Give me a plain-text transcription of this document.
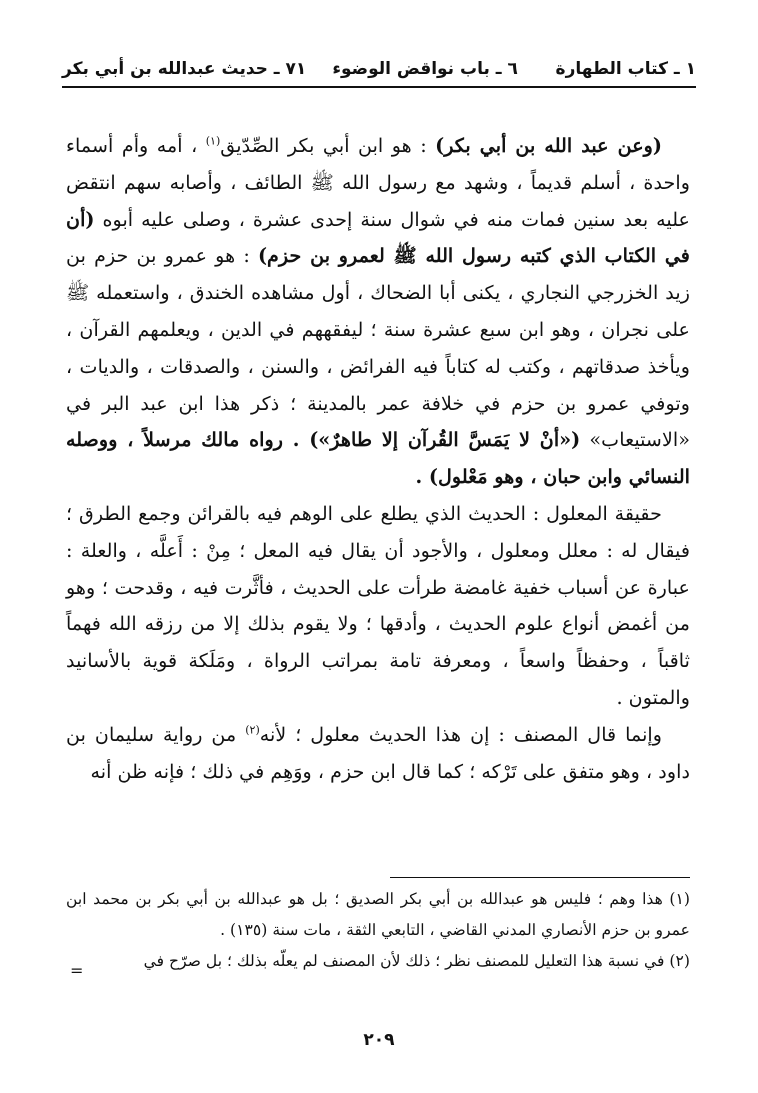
١ ـ كتاب الطهارة
٦ ـ باب نواقض الوضوء
٧١ ـ حديث عبدالله بن أبي بكر

(وعن عبد الله بن أبي بكر) : هو ابن أبي بكر الصِّدّيق$^{(١)}$ ، أمه وأم أسماء واحدة ، أسلم قديماً ، وشهد مع رسول الله ﷺ الطائف ، وأصابه سهم انتقض عليه بعد سنين فمات منه في شوال سنة إحدى عشرة ، وصلى عليه أبوه (أن في الكتاب الذي كتبه رسول الله ﷺ لعمرو بن حزم) : هو عمرو بن حزم بن زيد الخزرجي النجاري ، يكنى أبا الضحاك ، أول مشاهده الخندق ، واستعمله ﷺ على نجران ، وهو ابن سبع عشرة سنة ؛ ليفقههم في الدين ، ويعلمهم القرآن ، ويأخذ صدقاتهم ، وكتب له كتاباً فيه الفرائض ، والسنن ، والصدقات ، والديات ، وتوفي عمرو بن حزم في خلافة عمر بالمدينة ؛ ذكر هذا ابن عبد البر في «الاستيعاب» («أنْ لا يَمَسَّ القُرآن إلا طاهرٌ») . رواه مالك مرسلاً ، ووصله النسائي وابن حبان ، وهو مَعْلول) .

حقيقة المعلول : الحديث الذي يطلع على الوهم فيه بالقرائن وجمع الطرق ؛ فيقال له : معلل ومعلول ، والأجود أن يقال فيه المعل ؛ مِنْ : أَعلَّه ، والعلة : عبارة عن أسباب خفية غامضة طرأت على الحديث ، فأثَّرت فيه ، وقدحت ؛ وهو من أغمض أنواع علوم الحديث ، وأدقها ؛ ولا يقوم بذلك إلا من رزقه الله فهماً ثاقباً ، وحفظاً واسعاً ، ومعرفة تامة بمراتب الرواة ، ومَلَكة قوية بالأسانيد والمتون .

وإنما قال المصنف : إن هذا الحديث معلول ؛ لأنه$^{(٢)}$ من رواية سليمان بن داود ، وهو متفق على تَرْكه ؛ كما قال ابن حزم ، ووَهِم في ذلك ؛ فإنه ظن أنه

(١) هذا وهم ؛ فليس هو عبدالله بن أبي بكر الصديق ؛ بل هو عبدالله بن أبي بكر بن محمد ابن عمرو بن حزم الأنصاري المدني القاضي ، التابعي الثقة ، مات سنة (١٣٥) .

(٢) في نسبة هذا التعليل للمصنف نظر ؛ ذلك لأن المصنف لم يعلّه بذلك ؛ بل صرّح في

=
٢٠٩
